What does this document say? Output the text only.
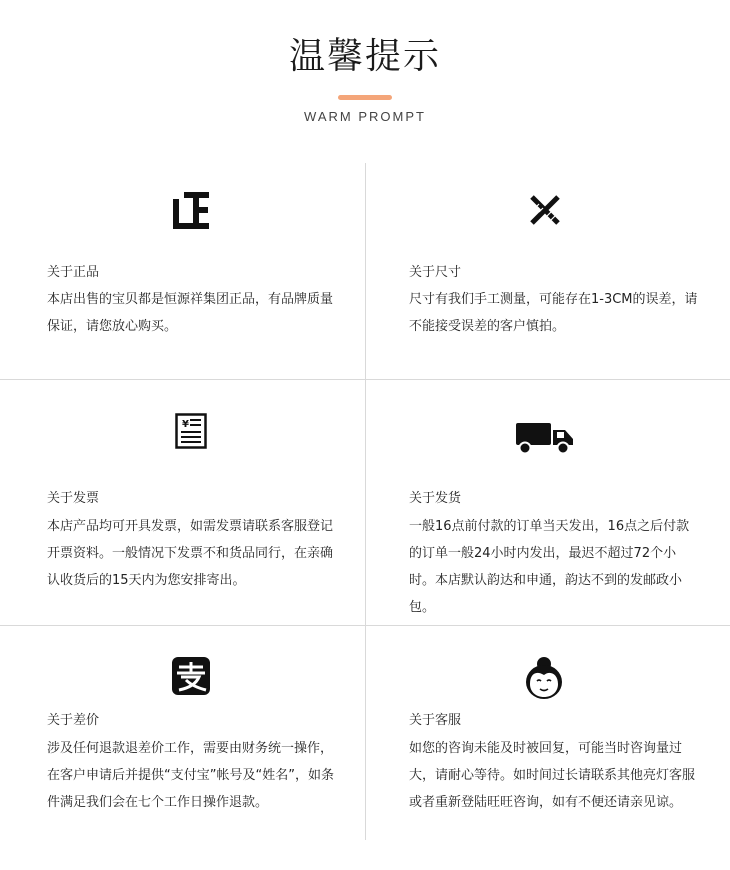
温馨提示
WARM PROMPT
关于正品
本店出售的宝贝都是恒源祥集团正品，有品牌质量保证，请您放心购买。
关于尺寸
尺寸有我们手工测量，可能存在1-3CM的误差，请不能接受误差的客户慎拍。
¥
关于发票
本店产品均可开具发票，如需发票请联系客服登记开票资料。一般情况下发票不和货品同行，在亲确认收货后的15天内为您安排寄出。
关于发货
一般16点前付款的订单当天发出，16点之后付款的订单一般24小时内发出，最迟不超过72个小时。本店默认韵达和申通，韵达不到的发邮政小包。
关于差价
涉及任何退款退差价工作，需要由财务统一操作，在客户申请后并提供“支付宝”帐号及“姓名”，如条件满足我们会在七个工作日操作退款。
关于客服
如您的咨询未能及时被回复，可能当时咨询量过大，请耐心等待。如时间过长请联系其他亮灯客服或者重新登陆旺旺咨询，如有不便还请亲见谅。
